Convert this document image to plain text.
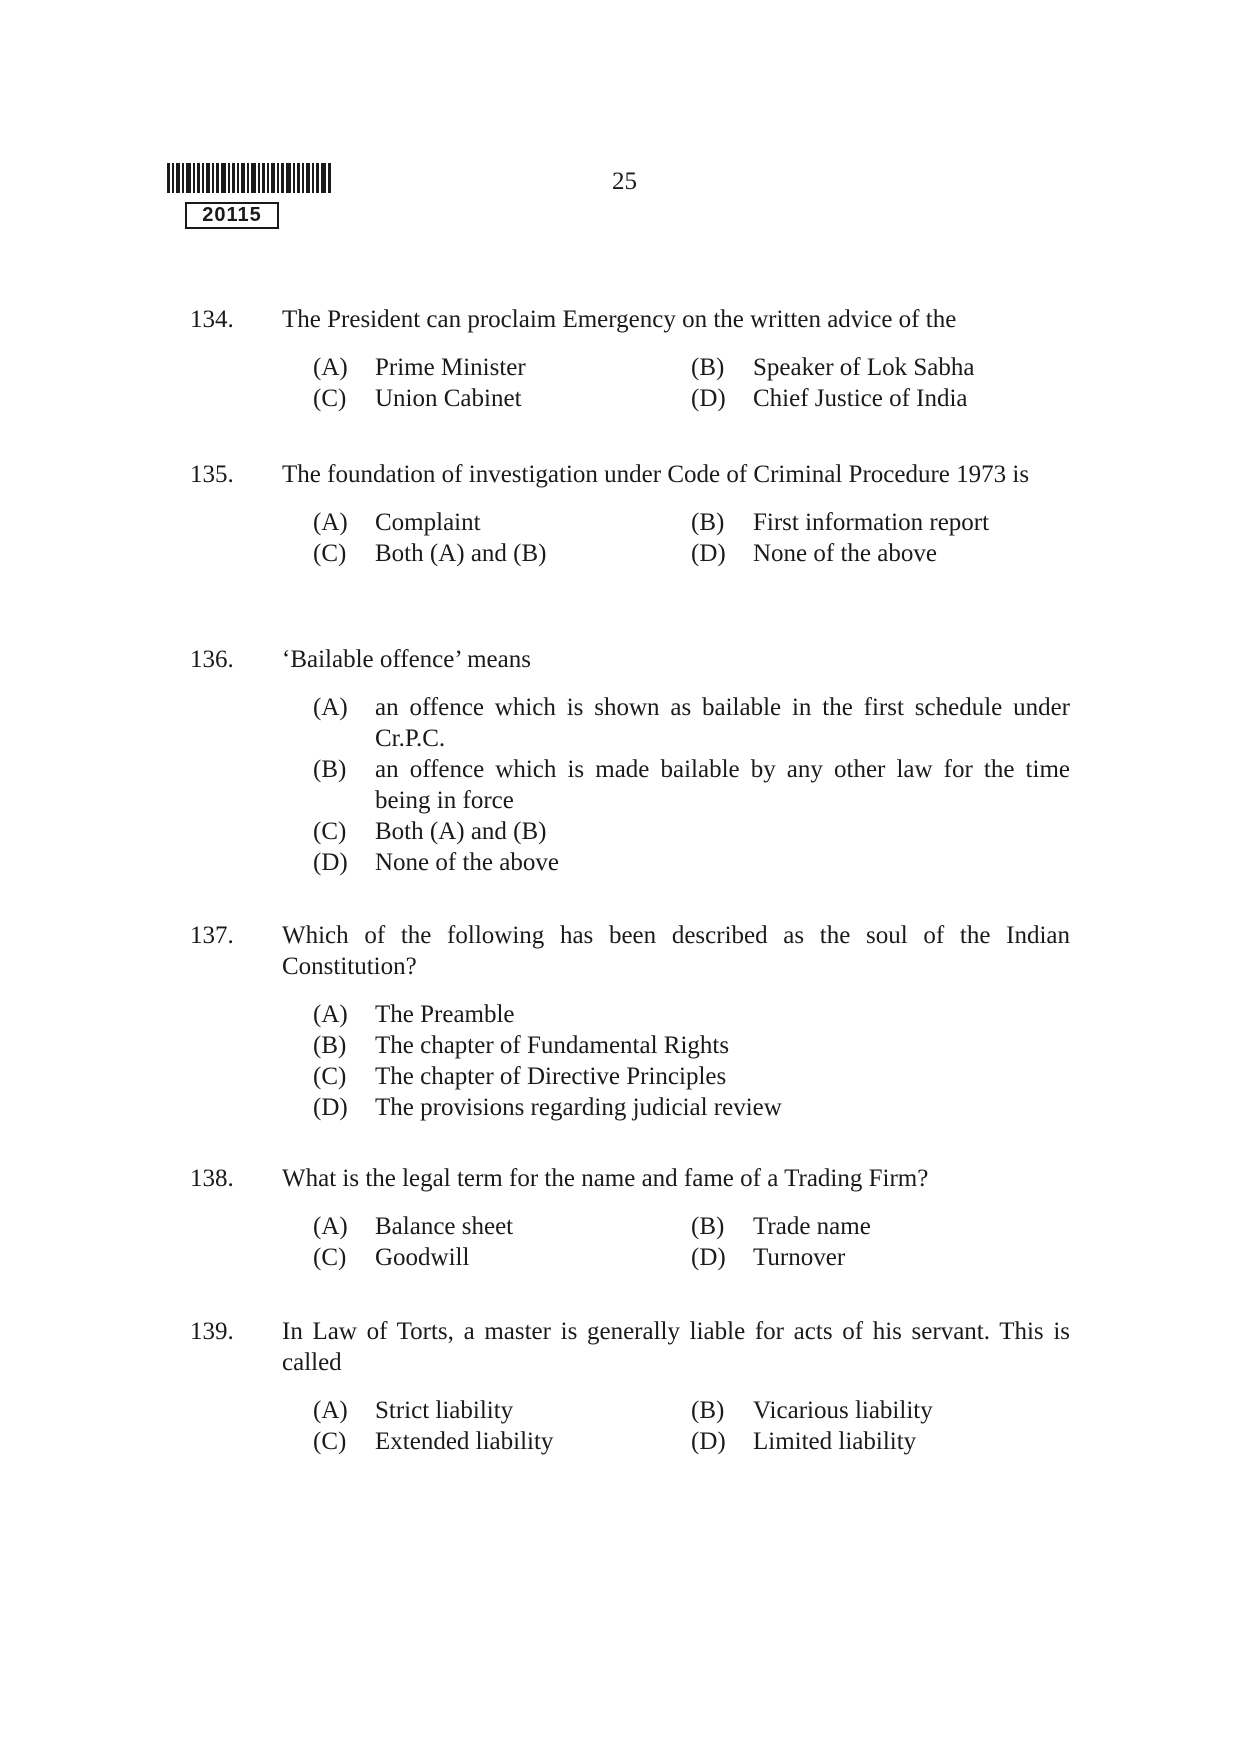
20115
25
134. The President can proclaim Emergency on the written advice of the
(A)	Prime Minister	(B)	Speaker of Lok Sabha
(C)	Union Cabinet	(D)	Chief Justice of India
135. The foundation of investigation under Code of Criminal Procedure 1973 is
(A)	Complaint	(B)	First information report
(C)	Both (A) and (B)	(D)	None of the above
136. ‘Bailable offence’ means
(A)	an offence which is shown as bailable in the first schedule under Cr.P.C.
(B)	an offence which is made bailable by any other law for the time being in force
(C)	Both (A) and (B)
(D)	None of the above
137. Which of the following has been described as the soul of the Indian Constitution?
(A)	The Preamble
(B)	The chapter of Fundamental Rights
(C)	The chapter of Directive Principles
(D)	The provisions regarding judicial review
138. What is the legal term for the name and fame of a Trading Firm?
(A)	Balance sheet	(B)	Trade name
(C)	Goodwill	(D)	Turnover
139. In Law of Torts, a master is generally liable for acts of his servant. This is called
(A)	Strict liability	(B)	Vicarious liability
(C)	Extended liability	(D)	Limited liability
